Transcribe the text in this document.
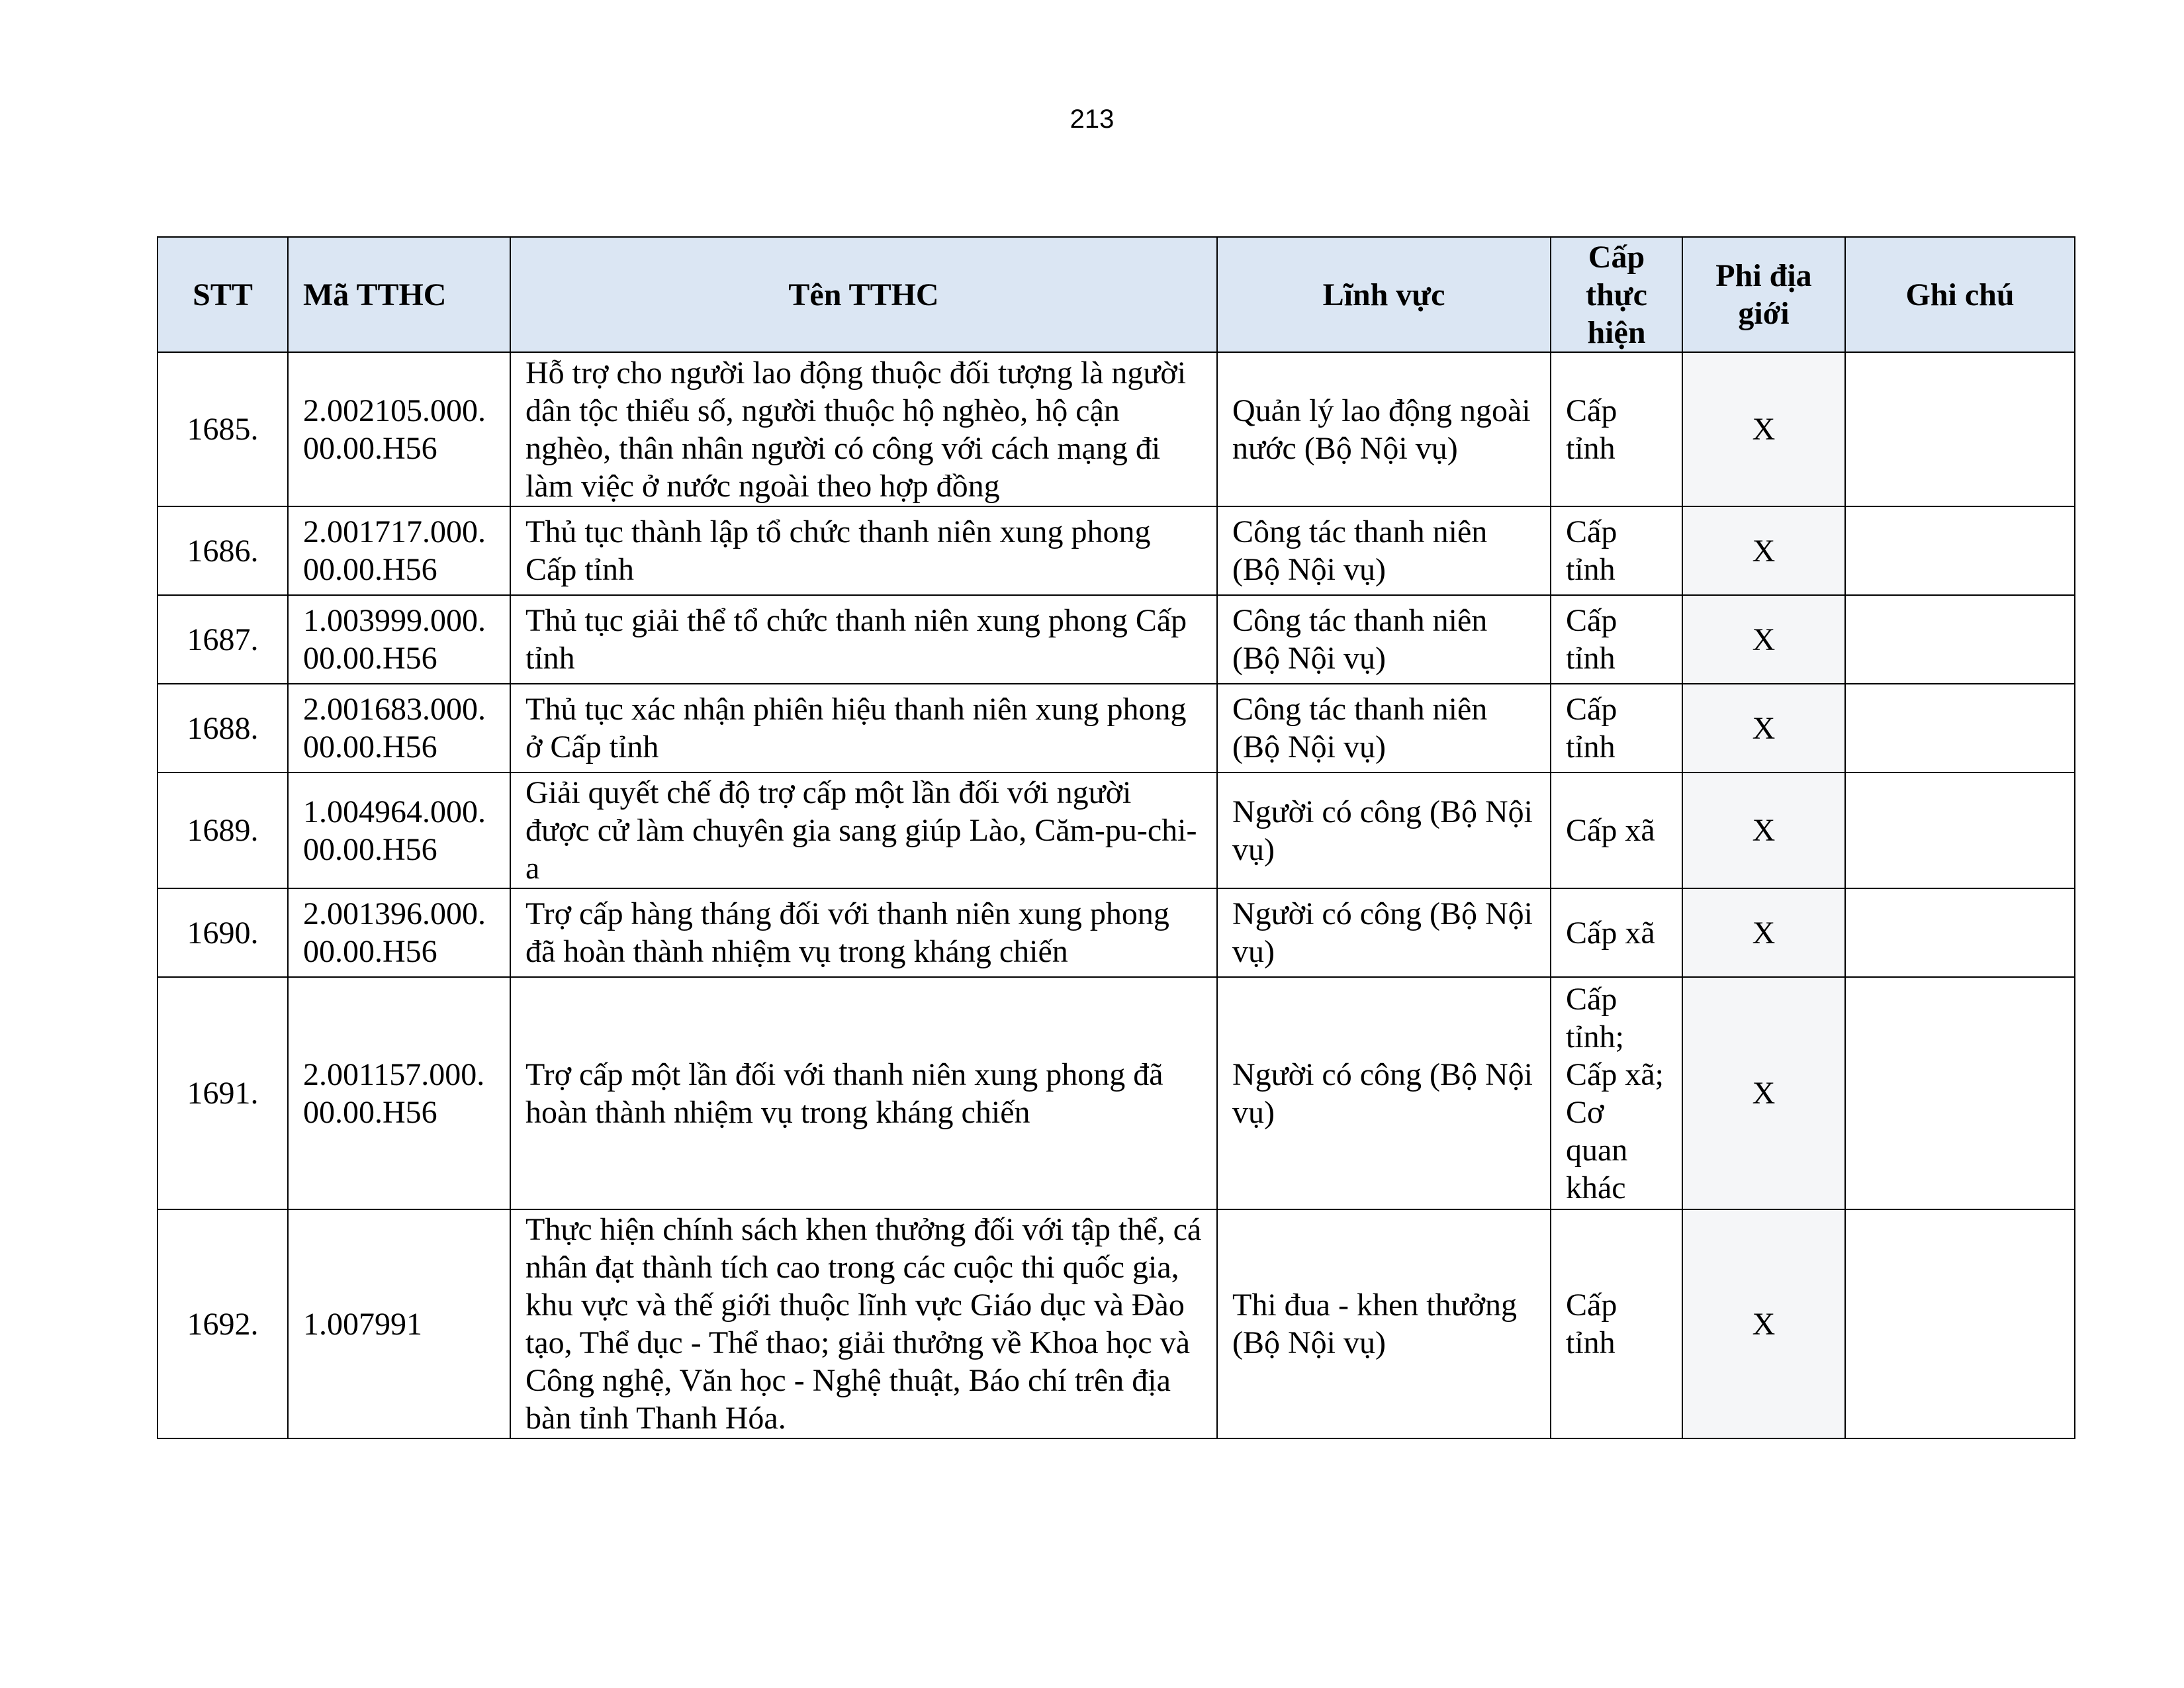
213
STT	Mã TTHC	Tên TTHC	Lĩnh vực	Cấp thực hiện	Phi địa giới	Ghi chú
1685.	2.002105.000.00.00.H56	Hỗ trợ cho người lao động thuộc đối tượng là người dân tộc thiểu số, người thuộc hộ nghèo, hộ cận nghèo, thân nhân người có công với cách mạng đi làm việc ở nước ngoài theo hợp đồng	Quản lý lao động ngoài nước (Bộ Nội vụ)	Cấp tỉnh	X	
1686.	2.001717.000.00.00.H56	Thủ tục thành lập tổ chức thanh niên xung phong Cấp tỉnh	Công tác thanh niên (Bộ Nội vụ)	Cấp tỉnh	X	
1687.	1.003999.000.00.00.H56	Thủ tục giải thể tổ chức thanh niên xung phong Cấp tỉnh	Công tác thanh niên (Bộ Nội vụ)	Cấp tỉnh	X	
1688.	2.001683.000.00.00.H56	Thủ tục xác nhận phiên hiệu thanh niên xung phong ở Cấp tỉnh	Công tác thanh niên (Bộ Nội vụ)	Cấp tỉnh	X	
1689.	1.004964.000.00.00.H56	Giải quyết chế độ trợ cấp một lần đối với người được cử làm chuyên gia sang giúp Lào, Căm-pu-chi-a	Người có công (Bộ Nội vụ)	Cấp xã	X	
1690.	2.001396.000.00.00.H56	Trợ cấp hàng tháng đối với thanh niên xung phong đã hoàn thành nhiệm vụ trong kháng chiến	Người có công (Bộ Nội vụ)	Cấp xã	X	
1691.	2.001157.000.00.00.H56	Trợ cấp một lần đối với thanh niên xung phong đã hoàn thành nhiệm vụ trong kháng chiến	Người có công (Bộ Nội vụ)	Cấp tỉnh; Cấp xã; Cơ quan khác	X	
1692.	1.007991	Thực hiện chính sách khen thưởng đối với tập thể, cá nhân đạt thành tích cao trong các cuộc thi quốc gia, khu vực và thế giới thuộc lĩnh vực Giáo dục và Đào tạo, Thể dục - Thể thao; giải thưởng về Khoa học và Công nghệ, Văn học - Nghệ thuật, Báo chí trên địa bàn tỉnh Thanh Hóa.	Thi đua - khen thưởng (Bộ Nội vụ)	Cấp tỉnh	X	
